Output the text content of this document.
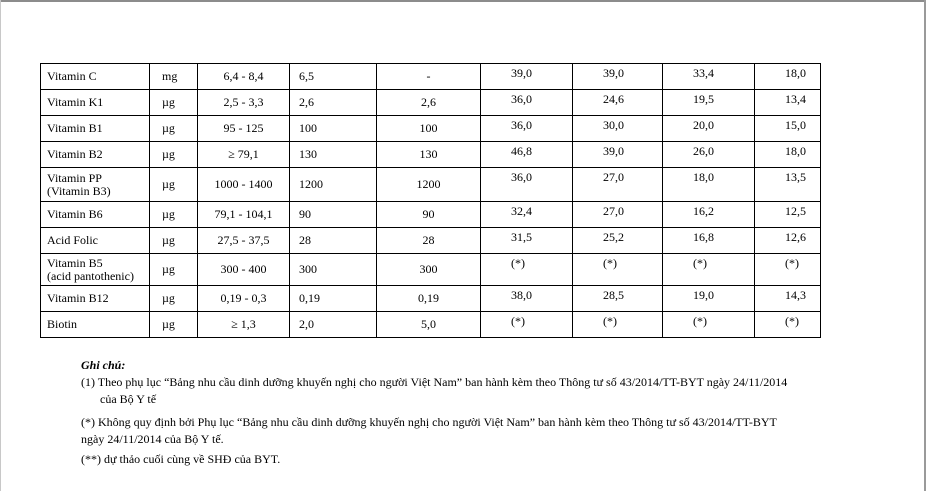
Vitamin C	mg	6,4 - 8,4	6,5	-	39,0	39,0	33,4	18,0
Vitamin K1	µg	2,5 - 3,3	2,6	2,6	36,0	24,6	19,5	13,4
Vitamin B1	µg	95 - 125	100	100	36,0	30,0	20,0	15,0
Vitamin B2	µg	≥ 79,1	130	130	46,8	39,0	26,0	18,0

Vitamin PP
(Vitamin B3)	µg	1000 - 1400	1200	1200	36,0	27,0	18,0	13,5
Vitamin B6	µg	79,1 - 104,1	90	90	32,4	27,0	16,2	12,5
Acid Folic	µg	27,5 - 37,5	28	28	31,5	25,2	16,8	12,6

Vitamin B5
(acid pantothenic)	µg	300 - 400	300	300	(*)	(*)	(*)	(*)
Vitamin B12	µg	0,19 - 0,3	0,19	0,19	38,0	28,5	19,0	14,3
Biotin	µg	≥ 1,3	2,0	5,0	(*)	(*)	(*)	(*)
Ghi chú:
(1) Theo phụ lục “Bảng nhu cầu dinh dưỡng khuyến nghị cho người Việt Nam” ban hành kèm theo Thông tư số 43/2014/TT-BYT ngày 24/11/2014
của Bộ Y tế
(*) Không quy định bởi Phụ lục “Bảng nhu cầu dinh dưỡng khuyến nghị cho người Việt Nam” ban hành kèm theo Thông tư số 43/2014/TT-BYT
ngày 24/11/2014 của Bộ Y tế.
(**) dự thảo cuối cùng về SHĐ của BYT.
